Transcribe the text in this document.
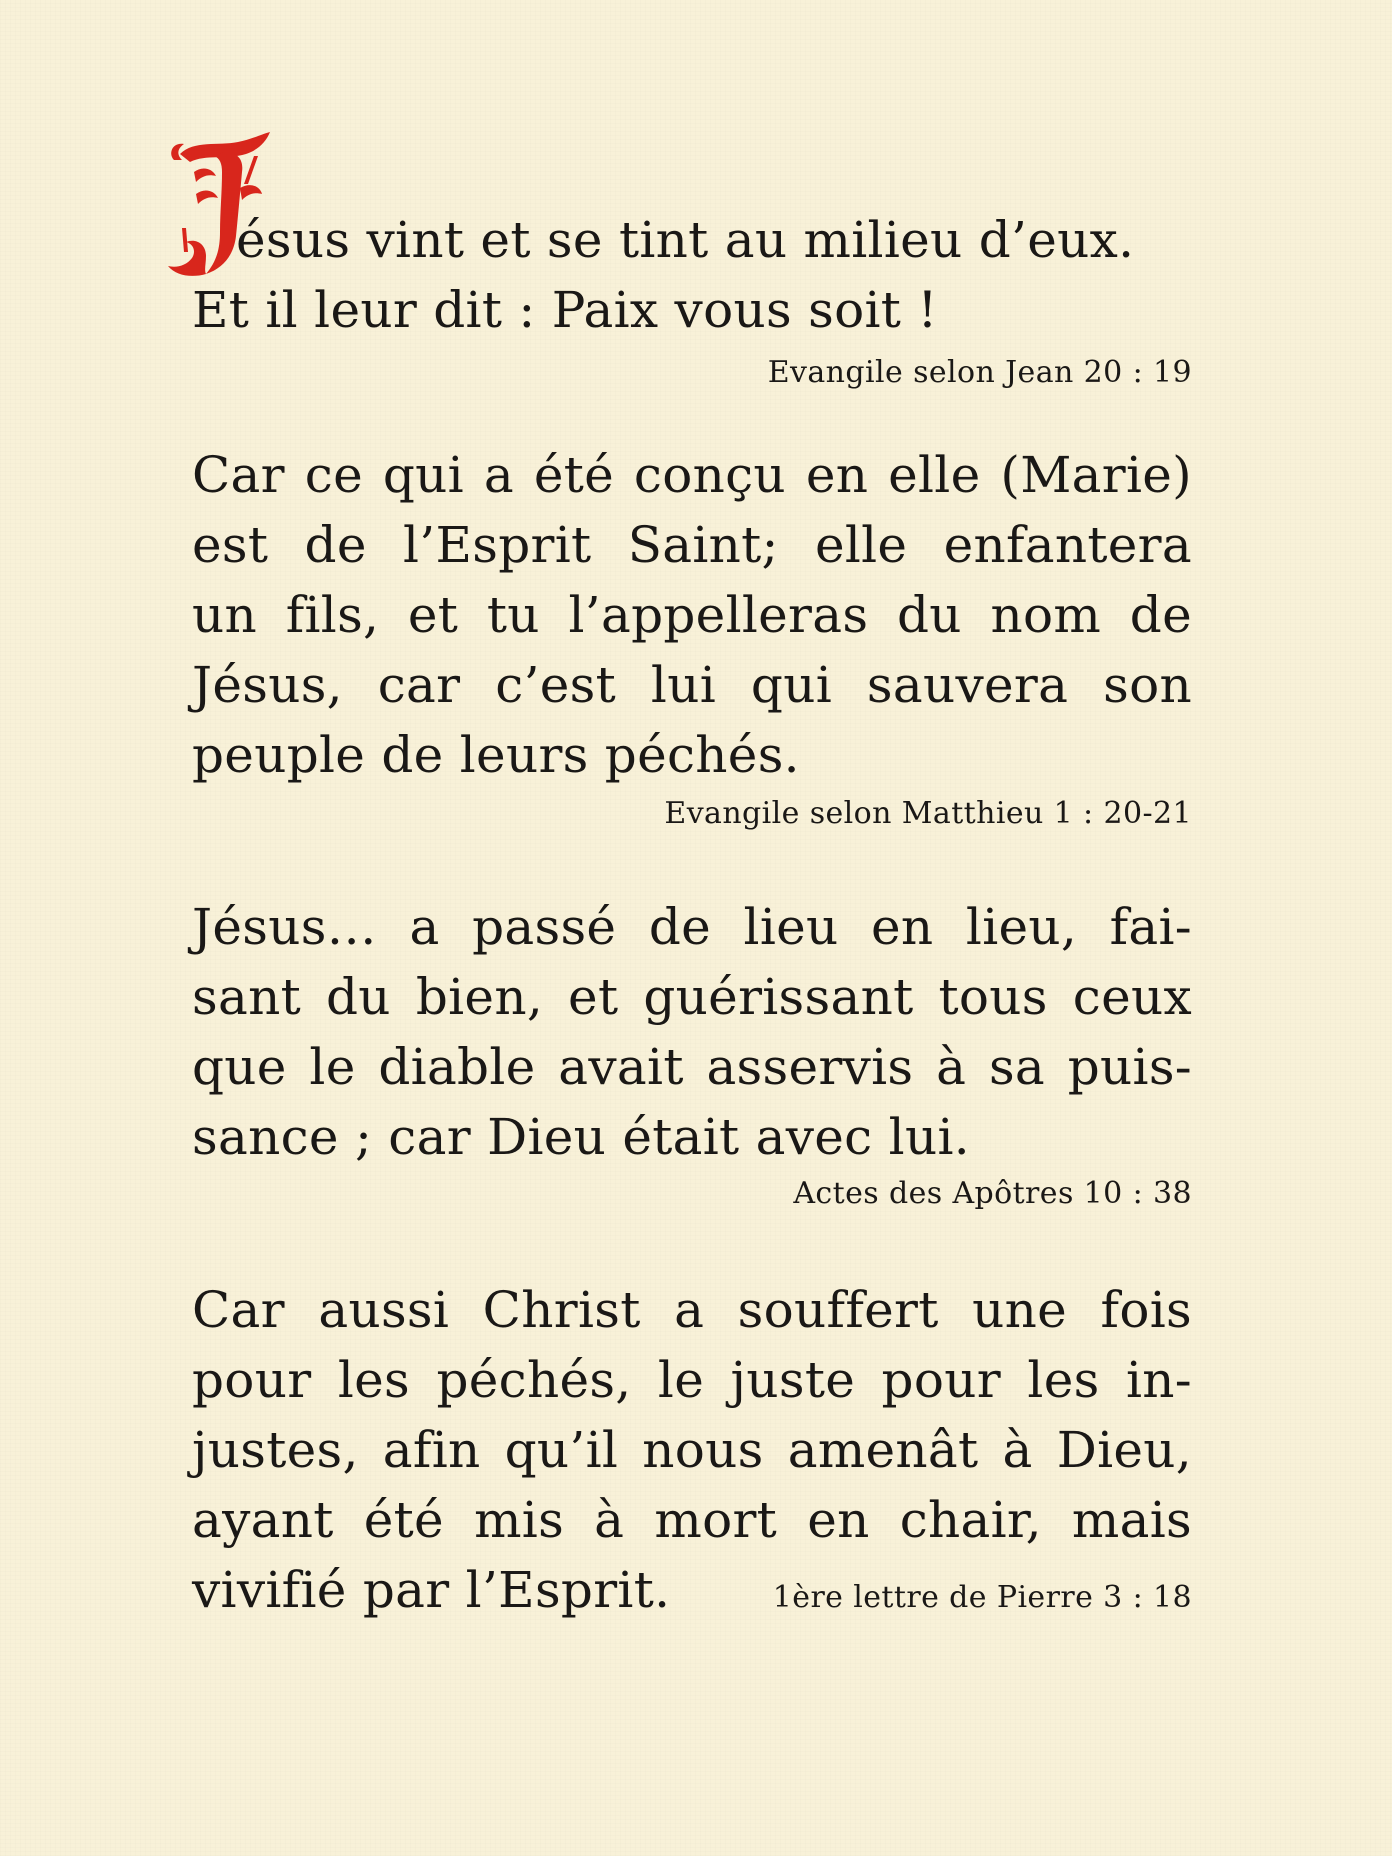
ésus vint et se tint au milieu d’eux.
Et il leur dit : Paix vous soit !
Evangile selon Jean 20 : 19
Car ce qui a été conçu en elle (Marie)
est de l’Esprit Saint; elle enfantera
un fils, et tu l’appelleras du nom de
Jésus, car c’est lui qui sauvera son
peuple de leurs péchés.
Evangile selon Matthieu 1 : 20-21
Jésus… a passé de lieu en lieu, fai-
sant du bien, et guérissant tous ceux
que le diable avait asservis à sa puis-
sance ; car Dieu était avec lui.
Actes des Apôtres 10 : 38
Car aussi Christ a souffert une fois
pour les péchés, le juste pour les in-
justes, afin qu’il nous amenât à Dieu,
ayant été mis à mort en chair, mais
vivifié par l’Esprit.	1ère lettre de Pierre 3 : 18
